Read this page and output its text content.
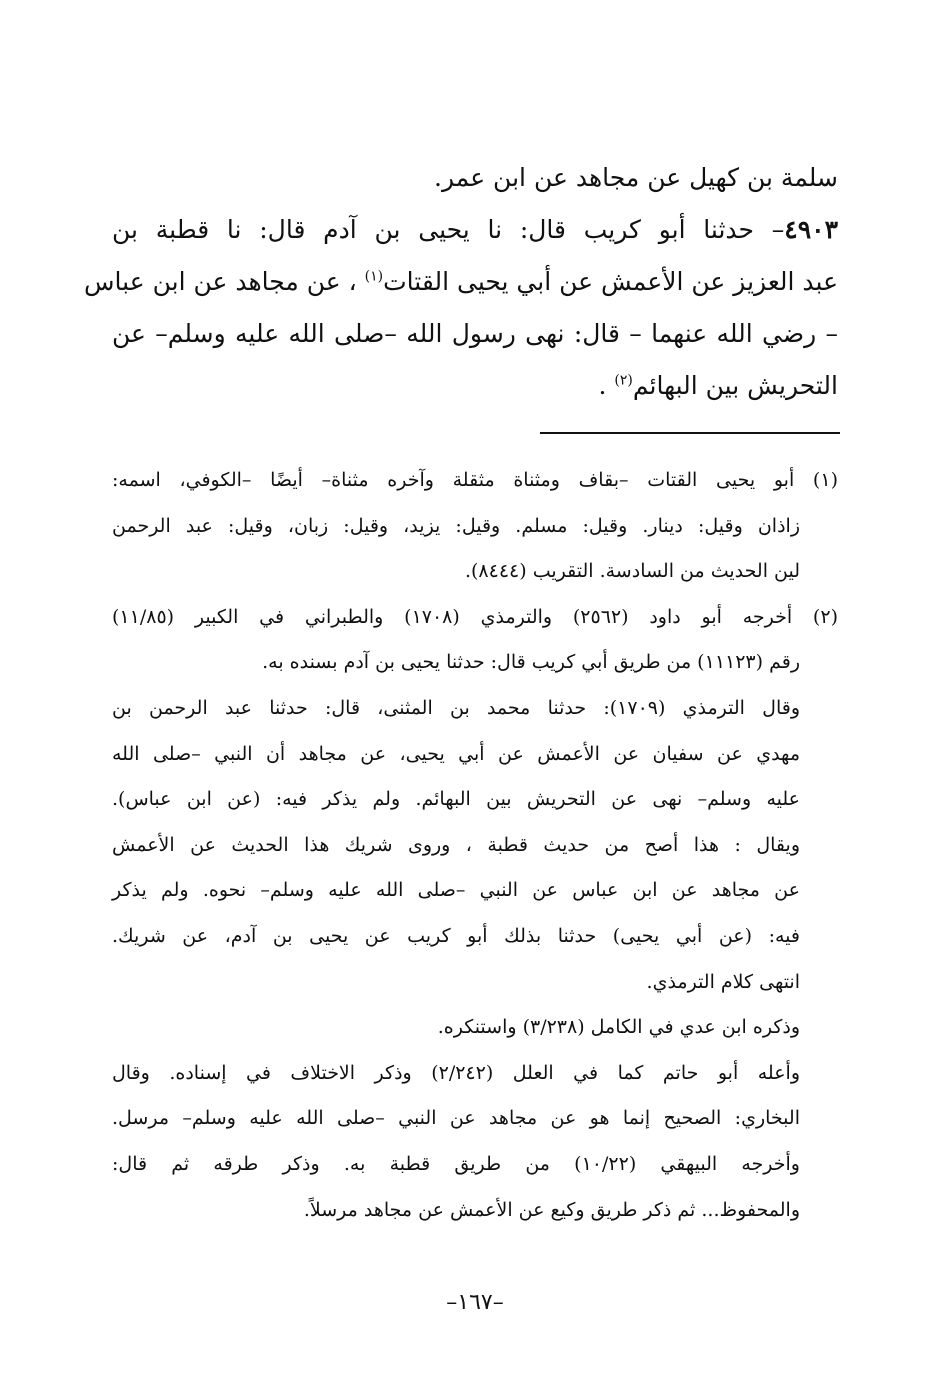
سلمة بن كهيل عن مجاهد عن ابن عمر.
٤٩٠٣– حدثنا أبو كريب قال: نا يحيى بن آدم قال: نا قطبة بن
عبد العزيز عن الأعمش عن أبي يحيى القتات$^{(١)}$ ، عن مجاهد عن ابن عباس
– رضي الله عنهما – قال: نهى رسول الله –صلى الله عليه وسلم– عن
التحريش بين البهائم$^{(٢)}$ .
(١) أبو يحيى القتات –بقاف ومثناة مثقلة وآخره مثناة– أيضًا –الكوفي، اسمه:
زاذان وقيل: دينار. وقيل: مسلم. وقيل: يزيد، وقيل: زبان، وقيل: عبد الرحمن
لين الحديث من السادسة. التقريب (٨٤٤٤).
(٢) أخرجه أبو داود (٢٥٦٢) والترمذي (١٧٠٨) والطبراني في الكبير (١١/٨٥)
رقم (١١١٢٣) من طريق أبي كريب قال: حدثنا يحيى بن آدم بسنده به.
وقال الترمذي (١٧٠٩): حدثنا محمد بن المثنى، قال: حدثنا عبد الرحمن بن
مهدي عن سفيان عن الأعمش عن أبي يحيى، عن مجاهد أن النبي –صلى الله
عليه وسلم– نهى عن التحريش بين البهائم. ولم يذكر فيه: (عن ابن عباس).
ويقال : هذا أصح من حديث قطبة ، وروى شريك هذا الحديث عن الأعمش
عن مجاهد عن ابن عباس عن النبي –صلى الله عليه وسلم– نحوه. ولم يذكر
فيه: (عن أبي يحيى) حدثنا بذلك أبو كريب عن يحيى بن آدم، عن شريك.
انتهى كلام الترمذي.
وذكره ابن عدي في الكامل (٣/٢٣٨) واستنكره.
وأعله أبو حاتم كما في العلل (٢/٢٤٢) وذكر الاختلاف في إسناده. وقال
البخاري: الصحيح إنما هو عن مجاهد عن النبي –صلى الله عليه وسلم– مرسل.
وأخرجه البيهقي (١٠/٢٢) من طريق قطبة به. وذكر طرقه ثم قال:
والمحفوظ... ثم ذكر طريق وكيع عن الأعمش عن مجاهد مرسلاً.
–١٦٧–
